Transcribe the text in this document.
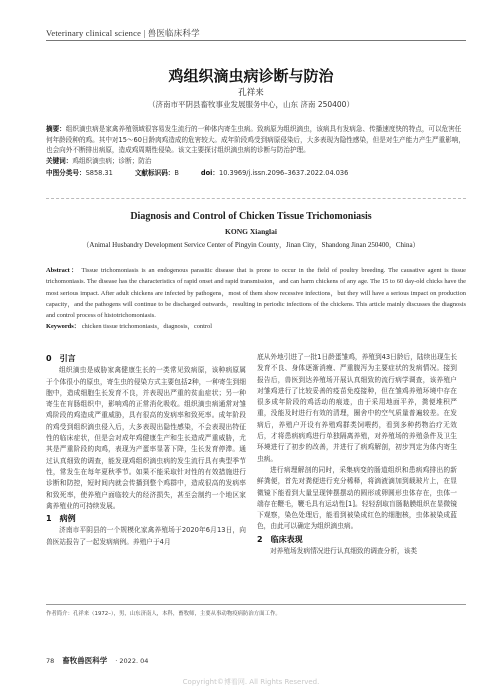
Veterinary clinical science | 兽医临床科学
鸡组织滴虫病诊断与防治
孔祥来
（济南市平阴县畜牧事业发展服务中心，山东 济南 250400）
摘要：组织滴虫病是家禽养殖领域很容易发生流行的一种体内寄生虫病。致病原为组织滴虫，该病具有发病急、传播速度快的特点，可以危害任何年龄段种的鸡。其中对15～60日龄肉鸡造成的危害较大。成年阶段鸡受到病原侵染后，大多表现为隐性感染，但是对生产能力产生严重影响，也会向外不断排出病原，造成鸡周期性侵染。该文主要探讨组织滴虫病的诊断与防治护理。
关键词：鸡组织滴虫病；诊断；防治
中图分类号：S858.31	文献标识码：B	doi：10.3969/j.issn.2096–3637.2022.04.036
Diagnosis and Control of Chicken Tissue Trichomoniasis
KONG Xianglai
（Animal Husbandry Development Service Center of Pingyin County，Jinan City，Shandong Jinan 250400，China）
Abstract： Tissue trichomoniasis is an endogenous parasitic disease that is prone to occur in the field of poultry breeding. The causative agent is tissue trichomoniasis. The disease has the characteristics of rapid onset and rapid transmission，and can harm chickens of any age. The 15 to 60 day-old chicks have the most serious impact. After adult chickens are infected by pathogens，most of them show recessive infections，but they will have a serious impact on production capacity，and the pathogens will continue to be discharged outwards，resulting in periodic infections of the chickens. This article mainly discusses the diagnosis and control process of histotrichomoniasis.
Keywords： chicken tissue trichomoniasis，diagnosis，control
0　引言

组织滴虫是威胁家禽健康生长的一类常见致病原，该种病原属于个体很小的原虫，寄生虫的侵染方式主要包括2种，一种寄生到细胞中，造成细胞生长发育不良，并表现出严重的贫血症状；另一种寄生在肓肠组织中，影响鸡的正常消化吸收。组织滴虫病通常对雏鸡阶段的鸡造成严重威胁，具有很高的发病率和致死率。成年阶段的鸡受到组织滴虫侵入后，大多表现出隐性感染，不会表现出特征性的临床症状，但是会对成年鸡健康生产和生长造成严重威胁，尤其是严重阶段的肉鸡，表现为产蛋率显著下降，生长发育停滞。通过认真细致的调查，能发现鸡组织滴虫病的发生流行具有典型季节性，常发生在每年夏秋季节。如果不能采取针对性的有效措施进行诊断和防控，短时间内就会传播到整个鸡群中，造成很高的发病率和致死率，使养殖户面临较大的经济损失，甚至会制约一个地区家禽养殖业的可持续发展。

1　病例

济南市平阴县的一个规模化家禽养殖场于2020年6月13日，向兽医站报告了一起发病病例。养殖户于4月

底从外地引进了一批1日龄蛋雏鸡，养殖到43日龄后，陆续出现生长发育不良、身体逐渐消瘦、严重腹泻为主要症状的发病情况。接到报告后，兽医到达养殖场开展认真细致的流行病学调查，该养殖户对雏鸡进行了比较妥善的疫苗免疫接种，但在雏鸡养殖环境中存在很多成年阶段的鸡活动的痕迹，由于采用地面平养，粪便堆积严重，没能及时进行有效的清理，圈舍中的空气质量普遍较差。在发病后，养殖户开设有养殖鸡群类饲喂药，看到多种药物治疗无效后，才将患病病鸡进行单独隔离养殖，对养殖场的养殖条件及卫生环境进行了初步的改善，并进行了病鸡解剖，初步判定为体内寄生虫病。

进行病理解剖的同时，采集病变的肠道组织和患病鸡排出的新鲜粪便，首先对粪便进行充分稀释，将滴液滴加到载玻片上，在显微镜下能看到大量呈现钟摆摆动的圆形或卵圆形虫体存在，虫体一端存在鞭毛，鞭毛具有运动性[1]。轻轻刮取盲肠黏膜组织在显微镜下观察，染色处理后，能看到被染成红色的细胞核，虫体被染成蓝色，由此可以确定为组织滴虫病。

2　临床表现

对养殖场发病情况进行认真细致的调查分析，该类

作者简介：孔祥来（1972–），男，山东济南人，本科，畜牧师，主要从事动物疫病防治方面工作。
78 畜牧兽医科学 · 2022. 04
Copyright©博看网. All Rights Reserved.
